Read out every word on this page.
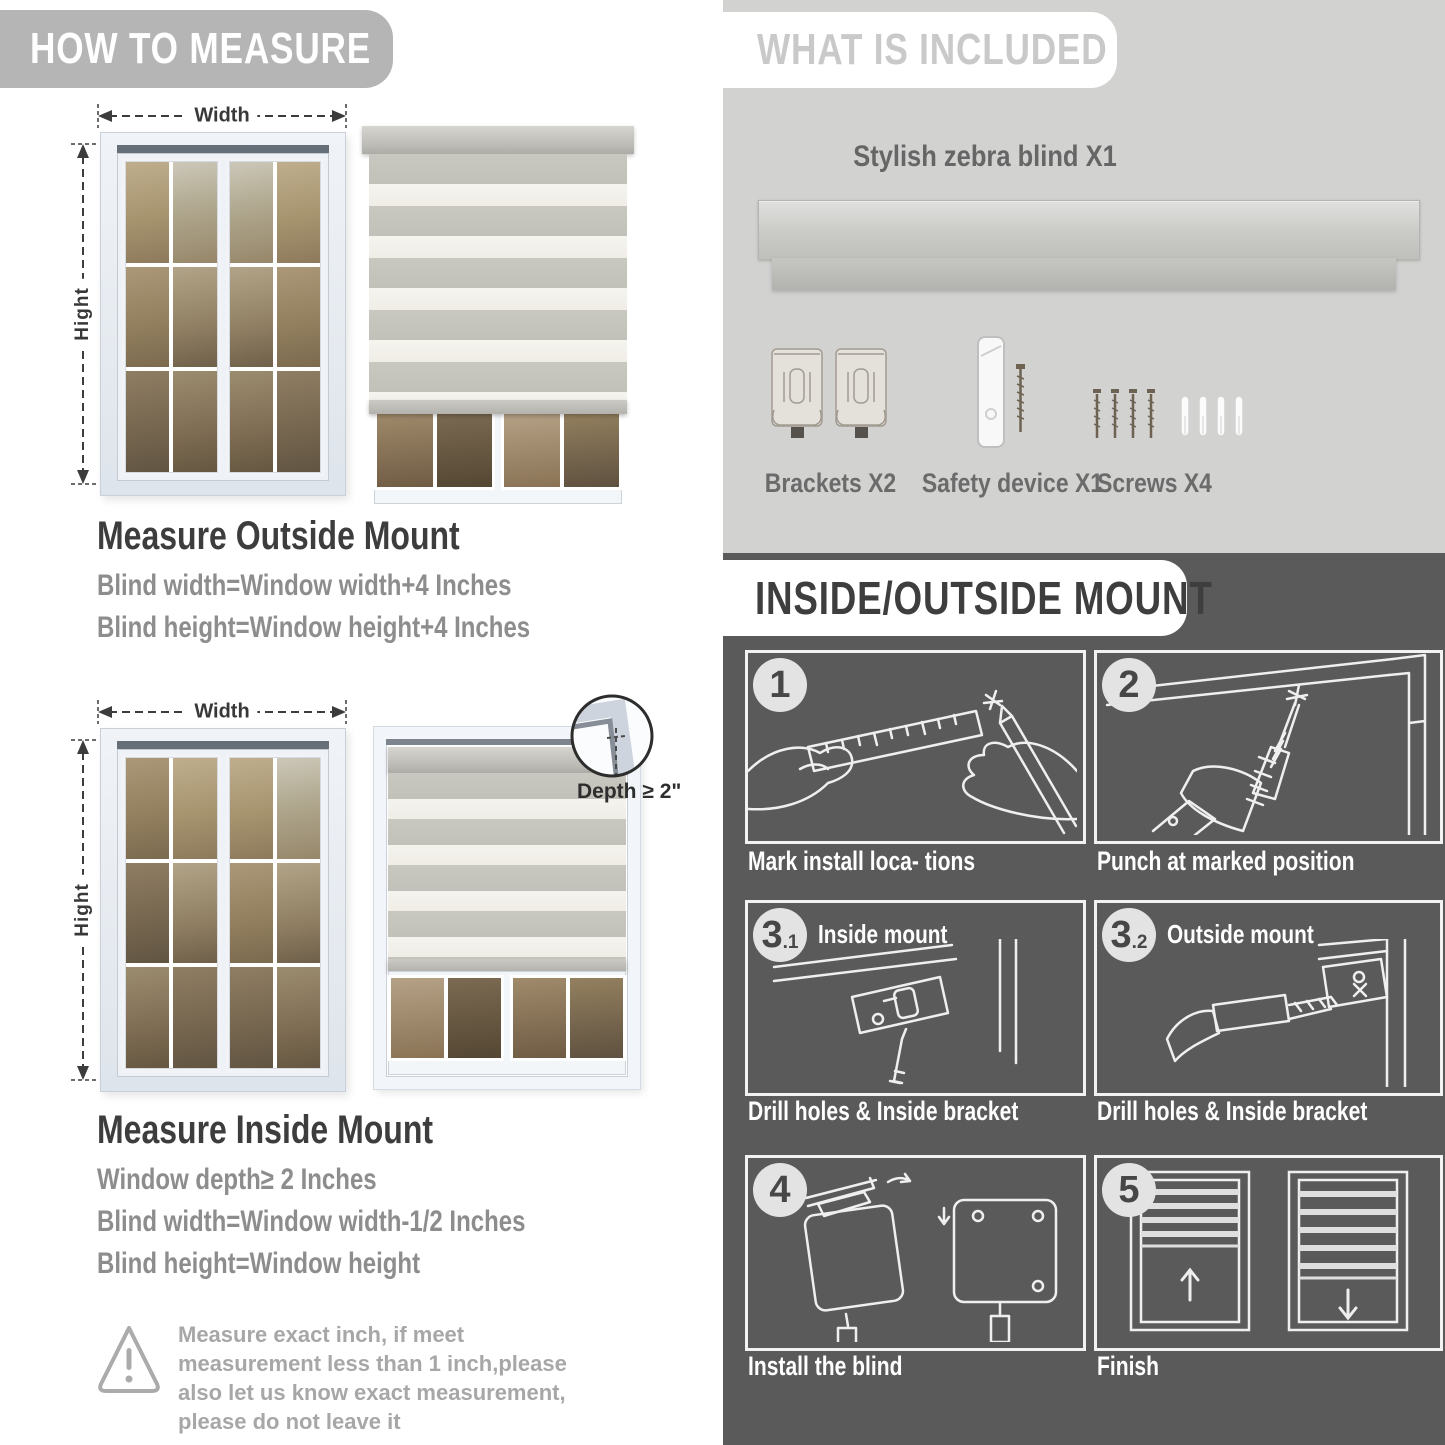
HOW TO MEASURE
Width
Hight
Measure Outside Mount
Blind width=Window width+4 Inches
Blind height=Window height+4 Inches
Width
Hight
Depth ≥ 2"
Measure Inside Mount
Window depth≥ 2 Inches
Blind width=Window width-1/2 Inches
Blind height=Window height
Measure exact inch, if meet measurement less than 1 inch,please also let us know exact measurement, please do not leave it
WHAT IS INCLUDED
Stylish zebra blind X1
Brackets X2 Safety device X1
Screws X4
INSIDE/OUTSIDE MOUNT
1	2
Mark install loca- tions	Punch at marked position
3 .1 Inside mount	3 .2 Outside mount
Drill holes & Inside bracket	Drill holes & Inside bracket
4	5
Install the blind	Finish
